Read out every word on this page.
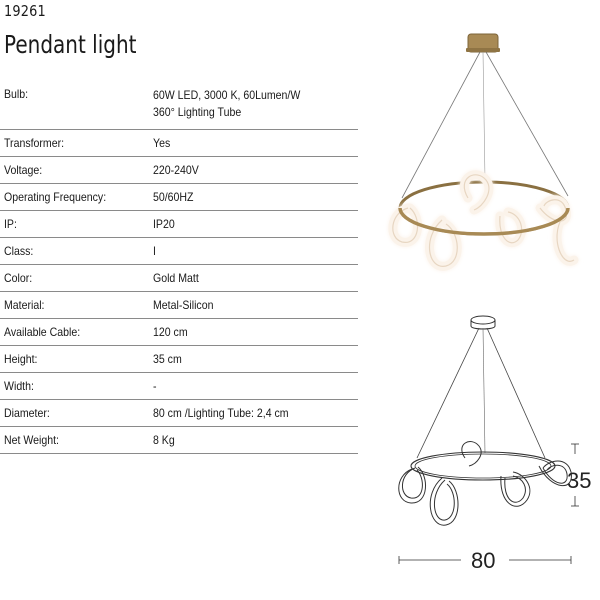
19261
Pendant light
Bulb:	60W LED, 3000 K, 60Lumen/W
360° Lighting Tube

Transformer:	Yes
Voltage:	220-240V
Operating Frequency:	50/60HZ
IP:	IP20
Class:	I
Color:	Gold Matt
Material:	Metal-Silicon
Available Cable:	120 cm
Height:	35 cm
Width:	-
Diameter:	80 cm /Lighting Tube: 2,4 cm
Net Weight:	8 Kg
35
80
